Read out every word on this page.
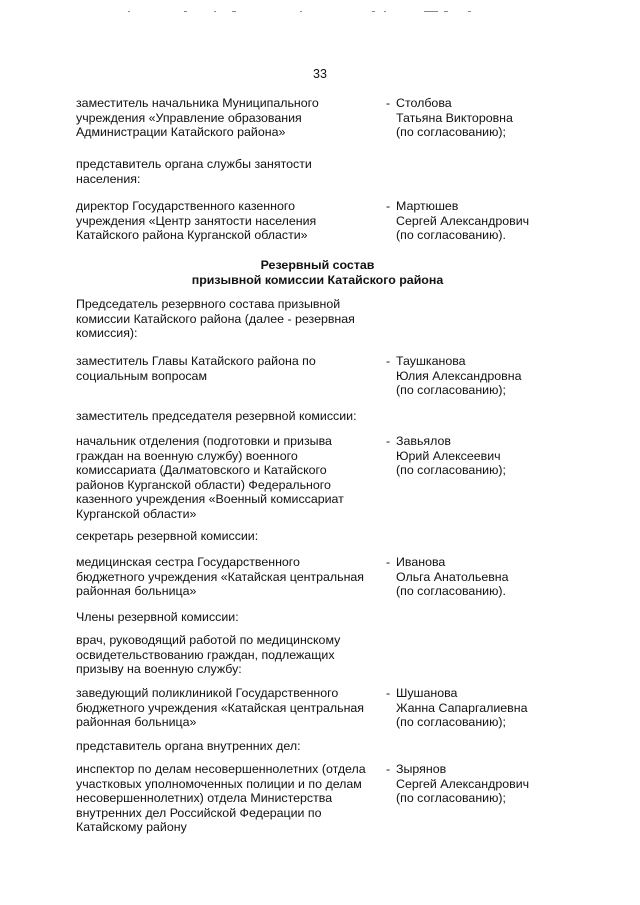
33
заместитель начальника Муниципального
учреждения «Управление образования
Администрации Катайского района»
- Столбова
Татьяна Викторовна
(по согласованию);
представитель органа службы занятости
населения:
директор Государственного казенного
учреждения «Центр занятости населения
Катайского района Курганской области»
- Мартюшев
Сергей Александрович
(по согласованию).
Резервный состав
призывной комиссии Катайского района
Председатель резервного состава призывной
комиссии Катайского района (далее - резервная
комиссия):
заместитель Главы Катайского района по
социальным вопросам
- Таушканова
Юлия Александровна
(по согласованию);
заместитель председателя резервной комиссии:
начальник отделения (подготовки и призыва
граждан на военную службу) военного
комиссариата (Далматовского и Катайского
районов Курганской области) Федерального
казенного учреждения «Военный комиссариат
Курганской области»
- Завьялов
Юрий Алексеевич
(по согласованию);
секретарь резервной комиссии:
медицинская сестра Государственного
бюджетного учреждения «Катайская центральная
районная больница»
- Иванова
Ольга Анатольевна
(по согласованию).
Члены резервной комиссии:
врач, руководящий работой по медицинскому
освидетельствованию граждан, подлежащих
призыву на военную службу:
заведующий поликлиникой Государственного
бюджетного учреждения «Катайская центральная
районная больница»
- Шушанова
Жанна Сапаргалиевна
(по согласованию);
представитель органа внутренних дел:
инспектор по делам несовершеннолетних (отдела
участковых уполномоченных полиции и по делам
несовершеннолетних) отдела Министерства
внутренних дел Российской Федерации по
Катайскому району
- Зырянов
Сергей Александрович
(по согласованию);
